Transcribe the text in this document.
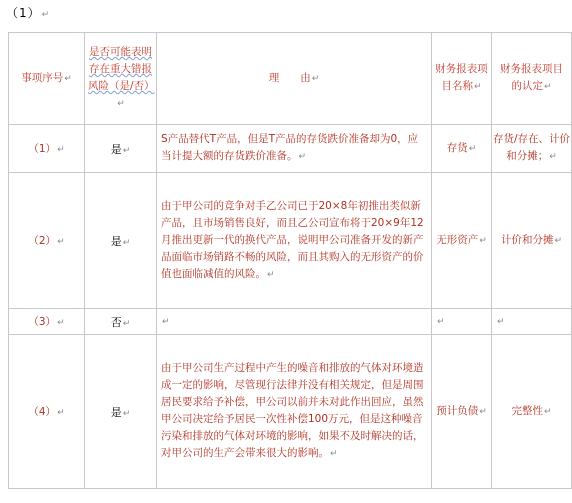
（1）↵
事项序号↵	是否可能表明存在重大错报风险（是/否）↵	理　　由↵	财务报表项目名称↵	财务报表项目的认定↵
（1）↵	是↵	S产品替代T产品，但是T产品的存货跌价准备却为0，应当计提大额的存货跌价准备。↵	存货↵	存货/存在、计价和分摊；↵
（2）↵	是↵	由于甲公司的竞争对手乙公司已于20×8年初推出类似新产品，且市场销售良好，而且乙公司宣布将于20×9年12月推出更新一代的换代产品，说明甲公司准备开发的新产品面临市场销路不畅的风险，而且其购入的无形资产的价值也面临减值的风险。↵	无形资产↵	计价和分摊↵
（3）↵	否↵	↵	↵	↵
（4）↵	是↵	由于甲公司生产过程中产生的噪音和排放的气体对环境造成一定的影响，尽管现行法律并没有相关规定，但是周围居民要求给予补偿，甲公司以前并未对此作出回应，虽然甲公司决定给予居民一次性补偿100万元，但是这种噪音污染和排放的气体对环境的影响，如果不及时解决的话，对甲公司的生产会带来很大的影响。↵	预计负债↵	完整性↵
